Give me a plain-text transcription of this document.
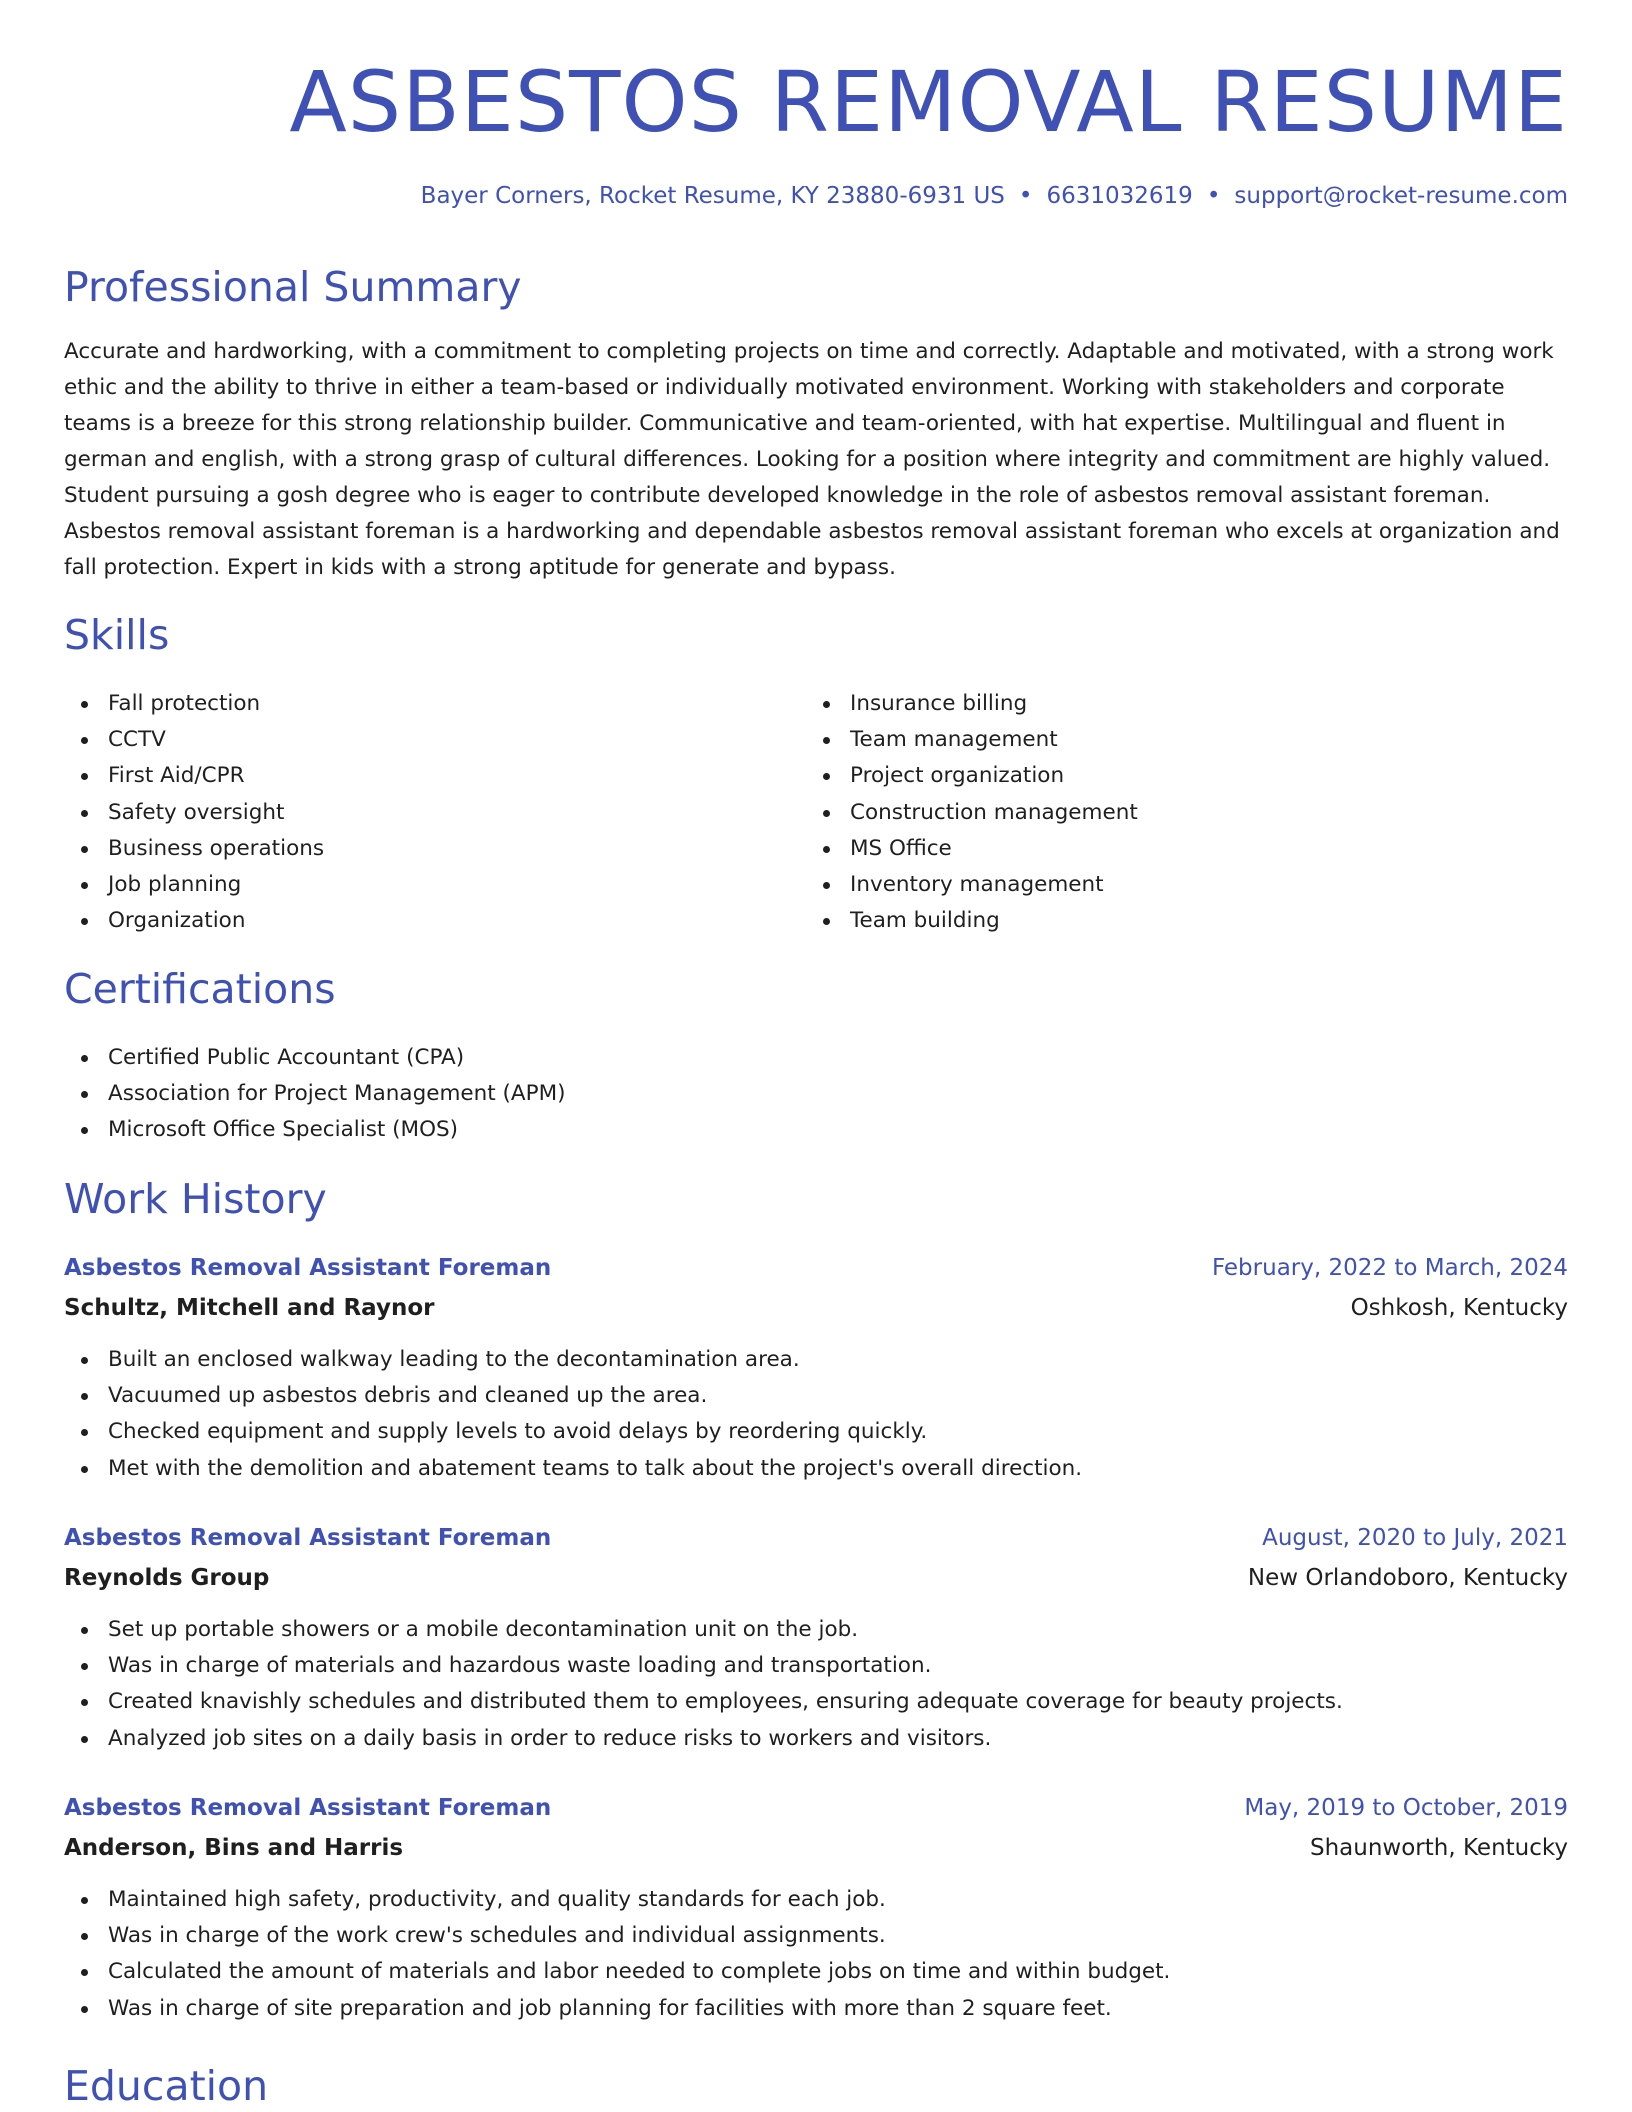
ASBESTOS REMOVAL RESUME
Bayer Corners, Rocket Resume, KY 23880-6931 US • 6631032619 • support@rocket-resume.com
Professional Summary

Accurate and hardworking, with a commitment to completing projects on time and correctly. Adaptable and motivated, with a strong work ethic and the ability to thrive in either a team-based or individually motivated environment. Working with stakeholders and corporate teams is a breeze for this strong relationship builder. Communicative and team-oriented, with hat expertise. Multilingual and fluent in german and english, with a strong grasp of cultural differences. Looking for a position where integrity and commitment are highly valued. Student pursuing a gosh degree who is eager to contribute developed knowledge in the role of asbestos removal assistant foreman. Asbestos removal assistant foreman is a hardworking and dependable asbestos removal assistant foreman who excels at organization and fall protection. Expert in kids with a strong aptitude for generate and bypass.

Skills
Fall protection
CCTV
First Aid/CPR
Safety oversight
Business operations
Job planning
Organization
Insurance billing
Team management
Project organization
Construction management
MS Office
Inventory management
Team building
Certifications
Certified Public Accountant (CPA)
Association for Project Management (APM)
Microsoft Office Specialist (MOS)
Work History
Asbestos Removal Assistant Foreman	February, 2022 to March, 2024
Schultz, Mitchell and Raynor	Oshkosh, Kentucky
Built an enclosed walkway leading to the decontamination area.
Vacuumed up asbestos debris and cleaned up the area.
Checked equipment and supply levels to avoid delays by reordering quickly.
Met with the demolition and abatement teams to talk about the project's overall direction.
Asbestos Removal Assistant Foreman	August, 2020 to July, 2021
Reynolds Group	New Orlandoboro, Kentucky
Set up portable showers or a mobile decontamination unit on the job.
Was in charge of materials and hazardous waste loading and transportation.
Created knavishly schedules and distributed them to employees, ensuring adequate coverage for beauty projects.
Analyzed job sites on a daily basis in order to reduce risks to workers and visitors.
Asbestos Removal Assistant Foreman	May, 2019 to October, 2019
Anderson, Bins and Harris	Shaunworth, Kentucky
Maintained high safety, productivity, and quality standards for each job.
Was in charge of the work crew's schedules and individual assignments.
Calculated the amount of materials and labor needed to complete jobs on time and within budget.
Was in charge of site preparation and job planning for facilities with more than 2 square feet.
Education
